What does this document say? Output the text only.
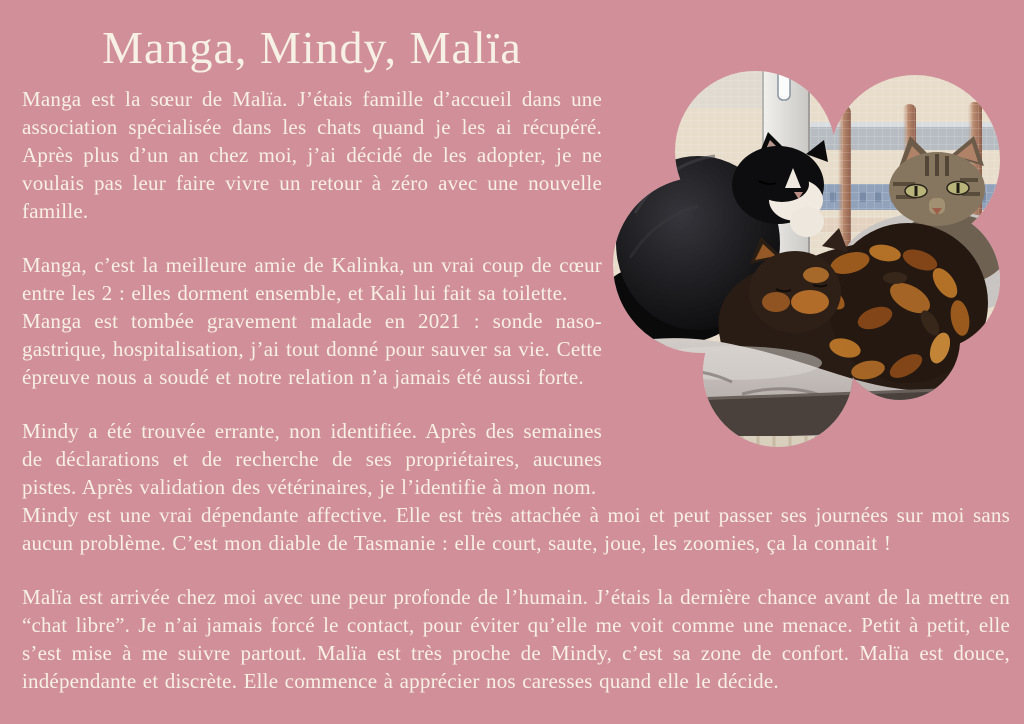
Manga, Mindy, Malïa

Manga est la sœur de Malïa. J’étais famille d’accueil dans une association spécialisée dans les chats quand je les ai récupéré. Après plus d’un an chez moi, j’ai décidé de les adopter, je ne voulais pas leur faire vivre un retour à zéro avec une nouvelle famille.

Manga, c’est la meilleure amie de Kalinka, un vrai coup de cœur entre les 2 : elles dorment ensemble, et Kali lui fait sa toilette.

Manga est tombée gravement malade en 2021 : sonde naso-gastrique, hospitalisation, j’ai tout donné pour sauver sa vie. Cette épreuve nous a soudé et notre relation n’a jamais été aussi forte.

Mindy a été trouvée errante, non identifiée. Après des semaines de déclarations et de recherche de ses propriétaires, aucunes pistes. Après validation des vétérinaires, je l’identifie à mon nom.

Mindy est une vrai dépendante affective. Elle est très attachée à moi et peut passer ses journées sur moi sans aucun problème. C’est mon diable de Tasmanie : elle court, saute, joue, les zoomies, ça la connait !

Malïa est arrivée chez moi avec une peur profonde de l’humain. J’étais la dernière chance avant de la mettre en “chat libre”. Je n’ai jamais forcé le contact, pour éviter qu’elle me voit comme une menace. Petit à petit, elle s’est mise à me suivre partout. Malïa est très proche de Mindy, c’est sa zone de confort. Malïa est douce, indépendante et discrète. Elle commence à apprécier nos caresses quand elle le décide.
